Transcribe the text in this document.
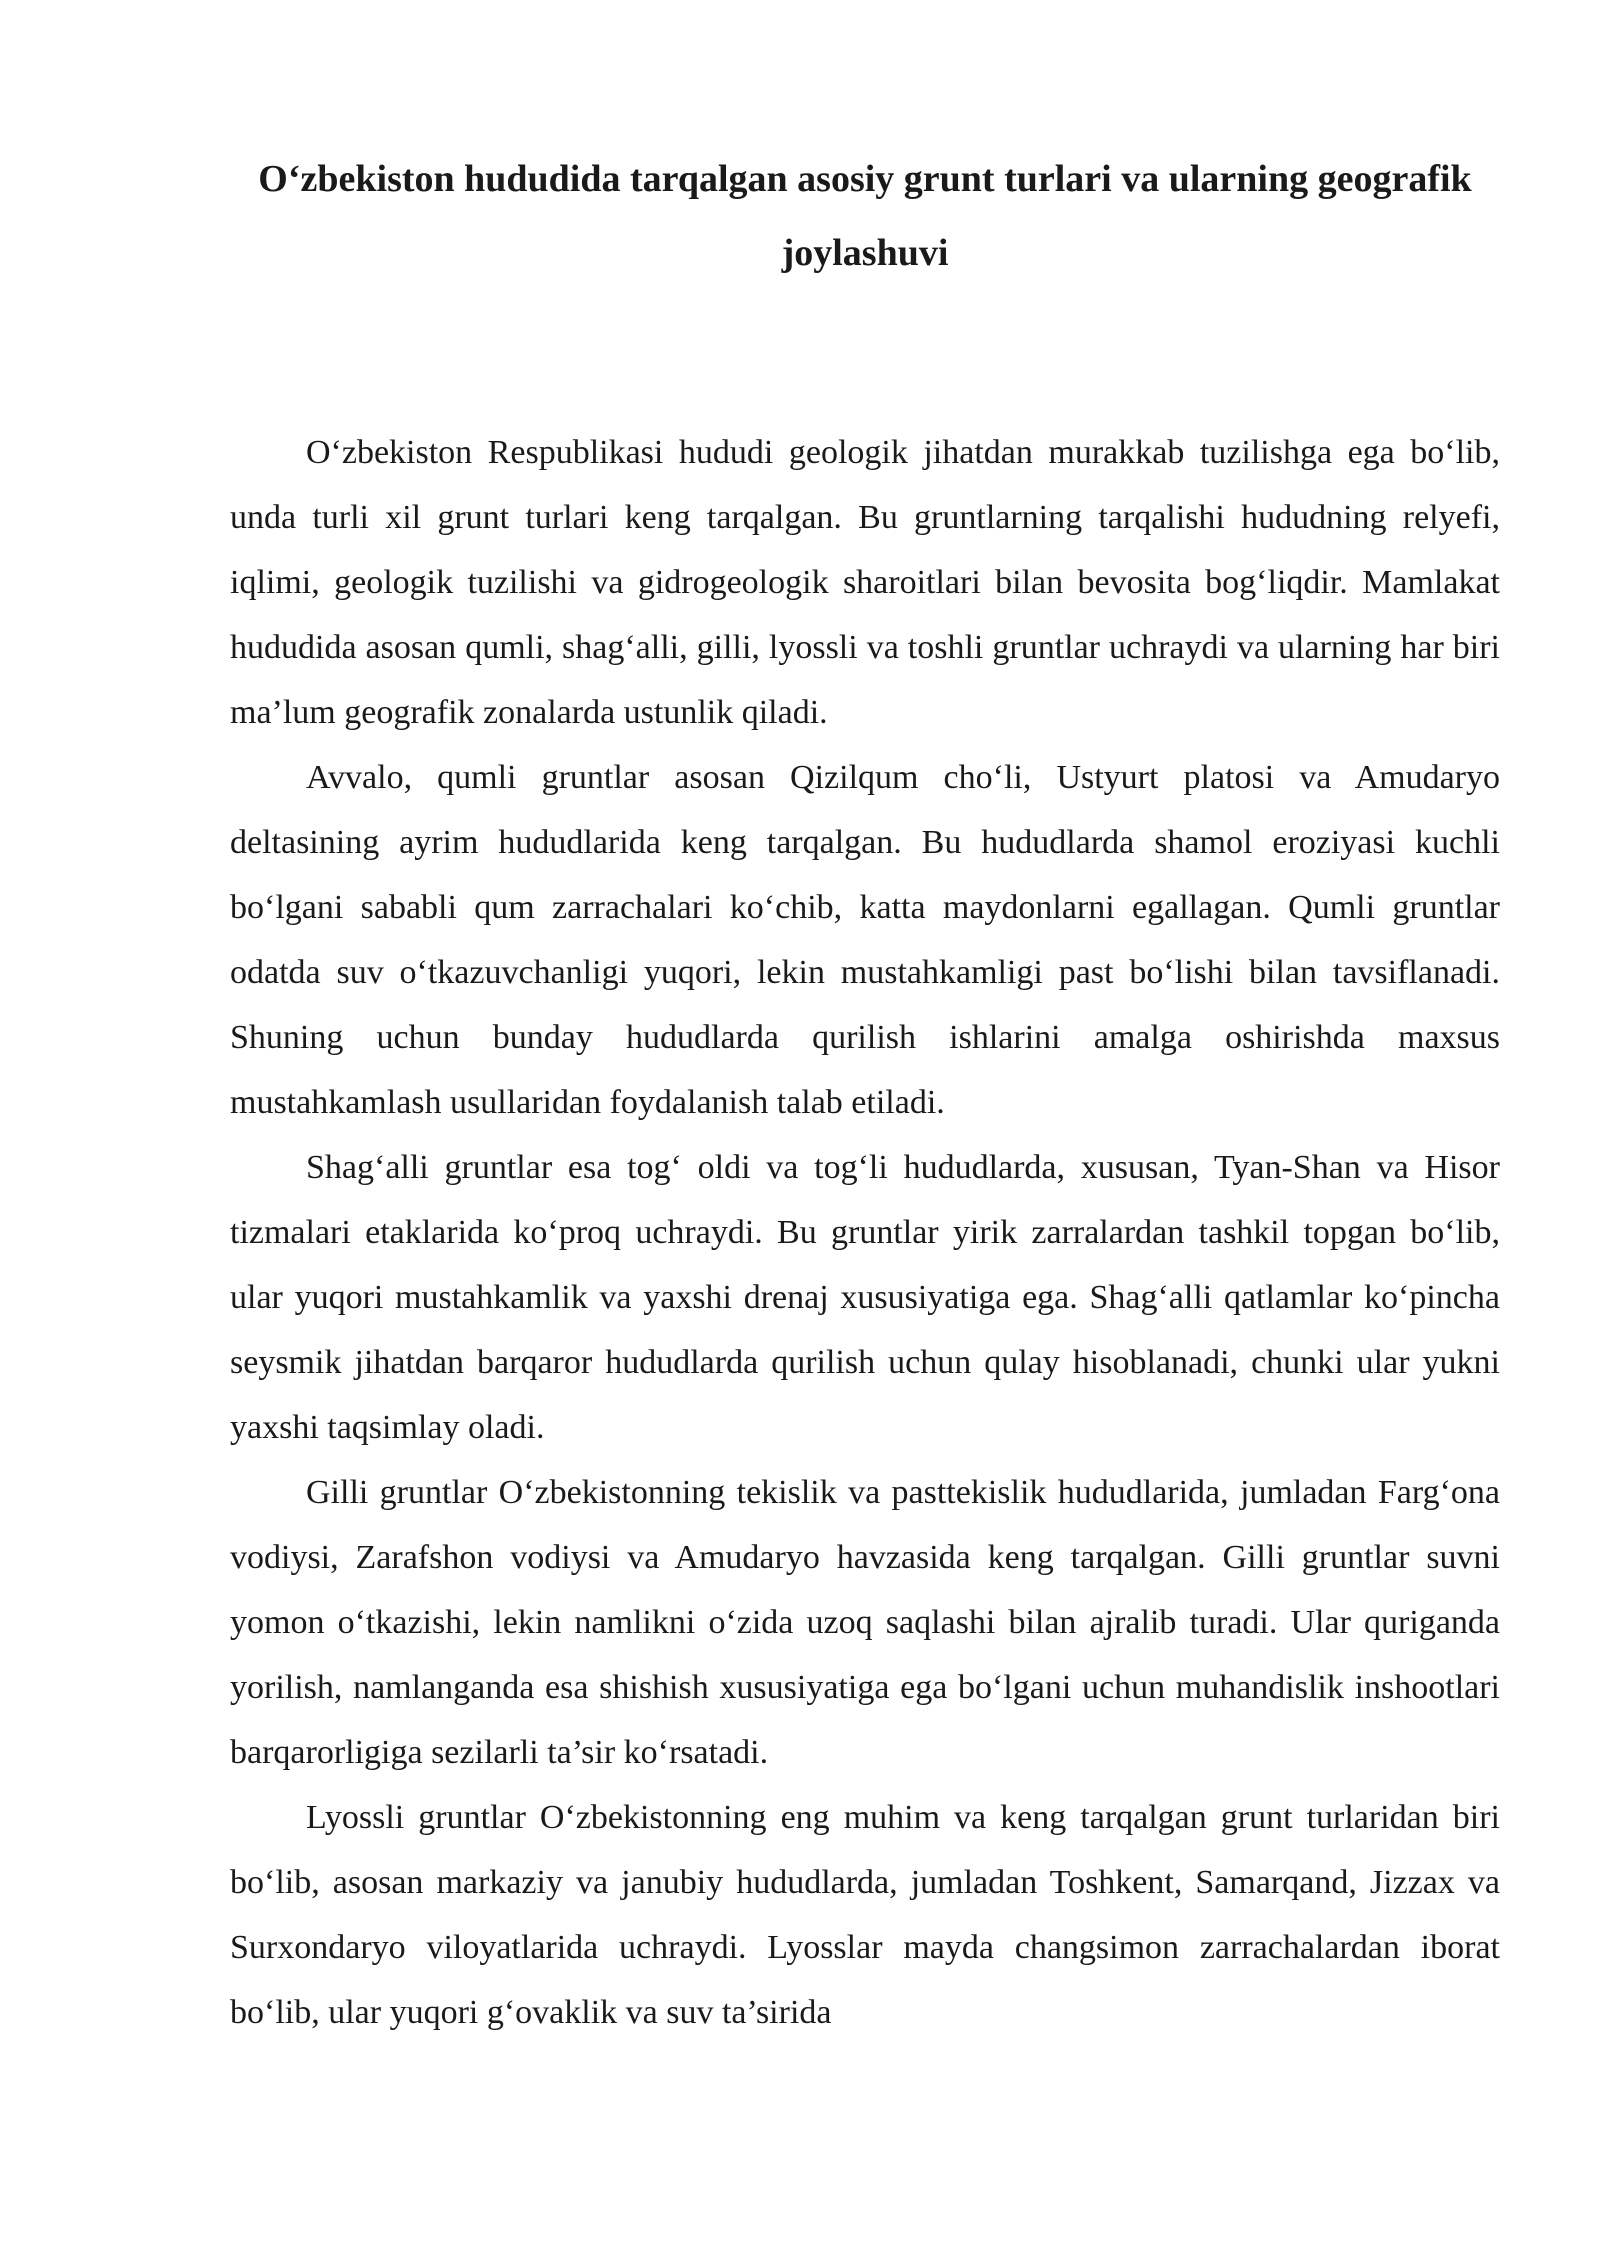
O‘zbekiston hududida tarqalgan asosiy grunt turlari va ularning geografik joylashuvi

O‘zbekiston Respublikasi hududi geologik jihatdan murakkab tuzilishga ega bo‘lib, unda turli xil grunt turlari keng tarqalgan. Bu gruntlarning tarqalishi hududning relyefi, iqlimi, geologik tuzilishi va gidrogeologik sharoitlari bilan bevosita bog‘liqdir. Mamlakat hududida asosan qumli, shag‘alli, gilli, lyossli va toshli gruntlar uchraydi va ularning har biri ma’lum geografik zonalarda ustunlik qiladi.

Avvalo, qumli gruntlar asosan Qizilqum cho‘li, Ustyurt platosi va Amudaryo deltasining ayrim hududlarida keng tarqalgan. Bu hududlarda shamol eroziyasi kuchli bo‘lgani sababli qum zarrachalari ko‘chib, katta maydonlarni egallagan. Qumli gruntlar odatda suv o‘tkazuvchanligi yuqori, lekin mustahkamligi past bo‘lishi bilan tavsiflanadi. Shuning uchun bunday hududlarda qurilish ishlarini amalga oshirishda maxsus mustahkamlash usullaridan foydalanish talab etiladi.

Shag‘alli gruntlar esa tog‘ oldi va tog‘li hududlarda, xususan, Tyan-Shan va Hisor tizmalari etaklarida ko‘proq uchraydi. Bu gruntlar yirik zarralardan tashkil topgan bo‘lib, ular yuqori mustahkamlik va yaxshi drenaj xususiyatiga ega. Shag‘alli qatlamlar ko‘pincha seysmik jihatdan barqaror hududlarda qurilish uchun qulay hisoblanadi, chunki ular yukni yaxshi taqsimlay oladi.

Gilli gruntlar O‘zbekistonning tekislik va pasttekislik hududlarida, jumladan Farg‘ona vodiysi, Zarafshon vodiysi va Amudaryo havzasida keng tarqalgan. Gilli gruntlar suvni yomon o‘tkazishi, lekin namlikni o‘zida uzoq saqlashi bilan ajralib turadi. Ular quriganda yorilish, namlanganda esa shishish xususiyatiga ega bo‘lgani uchun muhandislik inshootlari barqarorligiga sezilarli ta’sir ko‘rsatadi.

Lyossli gruntlar O‘zbekistonning eng muhim va keng tarqalgan grunt turlaridan biri bo‘lib, asosan markaziy va janubiy hududlarda, jumladan Toshkent, Samarqand, Jizzax va Surxondaryo viloyatlarida uchraydi. Lyosslar mayda changsimon zarrachalardan iborat bo‘lib, ular yuqori g‘ovaklik va suv ta’sirida
